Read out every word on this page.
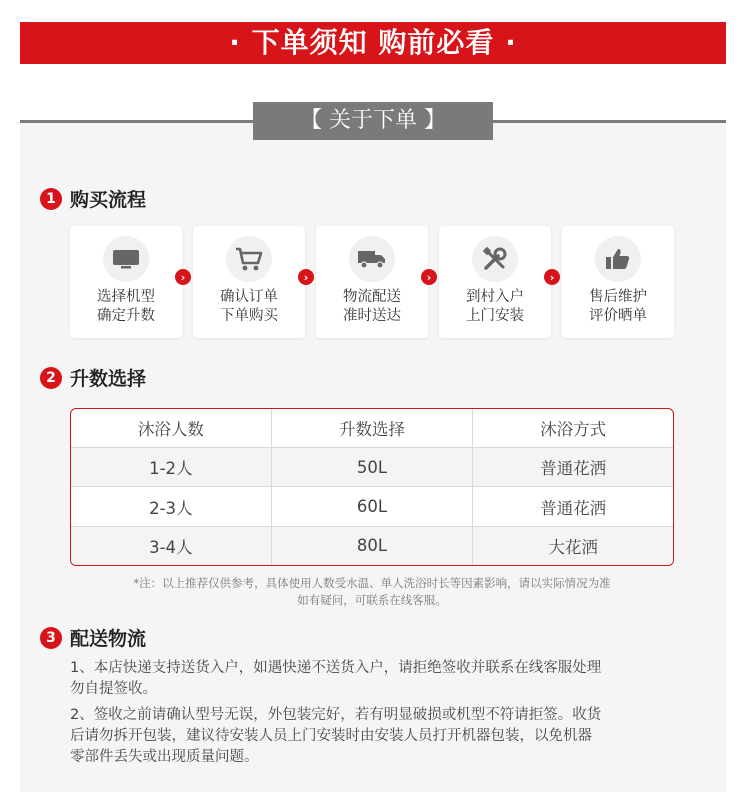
· 下单须知 购前必看 ·
【 关于下单 】
1 购买流程
选择机型
确定升数
›
确认订单
下单购买
›
物流配送
准时送达
›
到村入户
上门安装
›
售后维护
评价晒单
2 升数选择
沐浴人数	升数选择	沐浴方式
1-2人	50L	普通花洒
2-3人	60L	普通花洒
3-4人	80L	大花洒
*注：以上推荐仅供参考，具体使用人数受水温、单人洗浴时长等因素影响，请以实际情况为准
如有疑问，可联系在线客服。
3 配送物流
1、本店快递支持送货入户，如遇快递不送货入户，请拒绝签收并联系在线客服处理
勿自提签收。
2、签收之前请确认型号无误，外包装完好，若有明显破损或机型不符请拒签。收货
后请勿拆开包装，建议待安装人员上门安装时由安装人员打开机器包装，以免机器
零部件丢失或出现质量问题。
